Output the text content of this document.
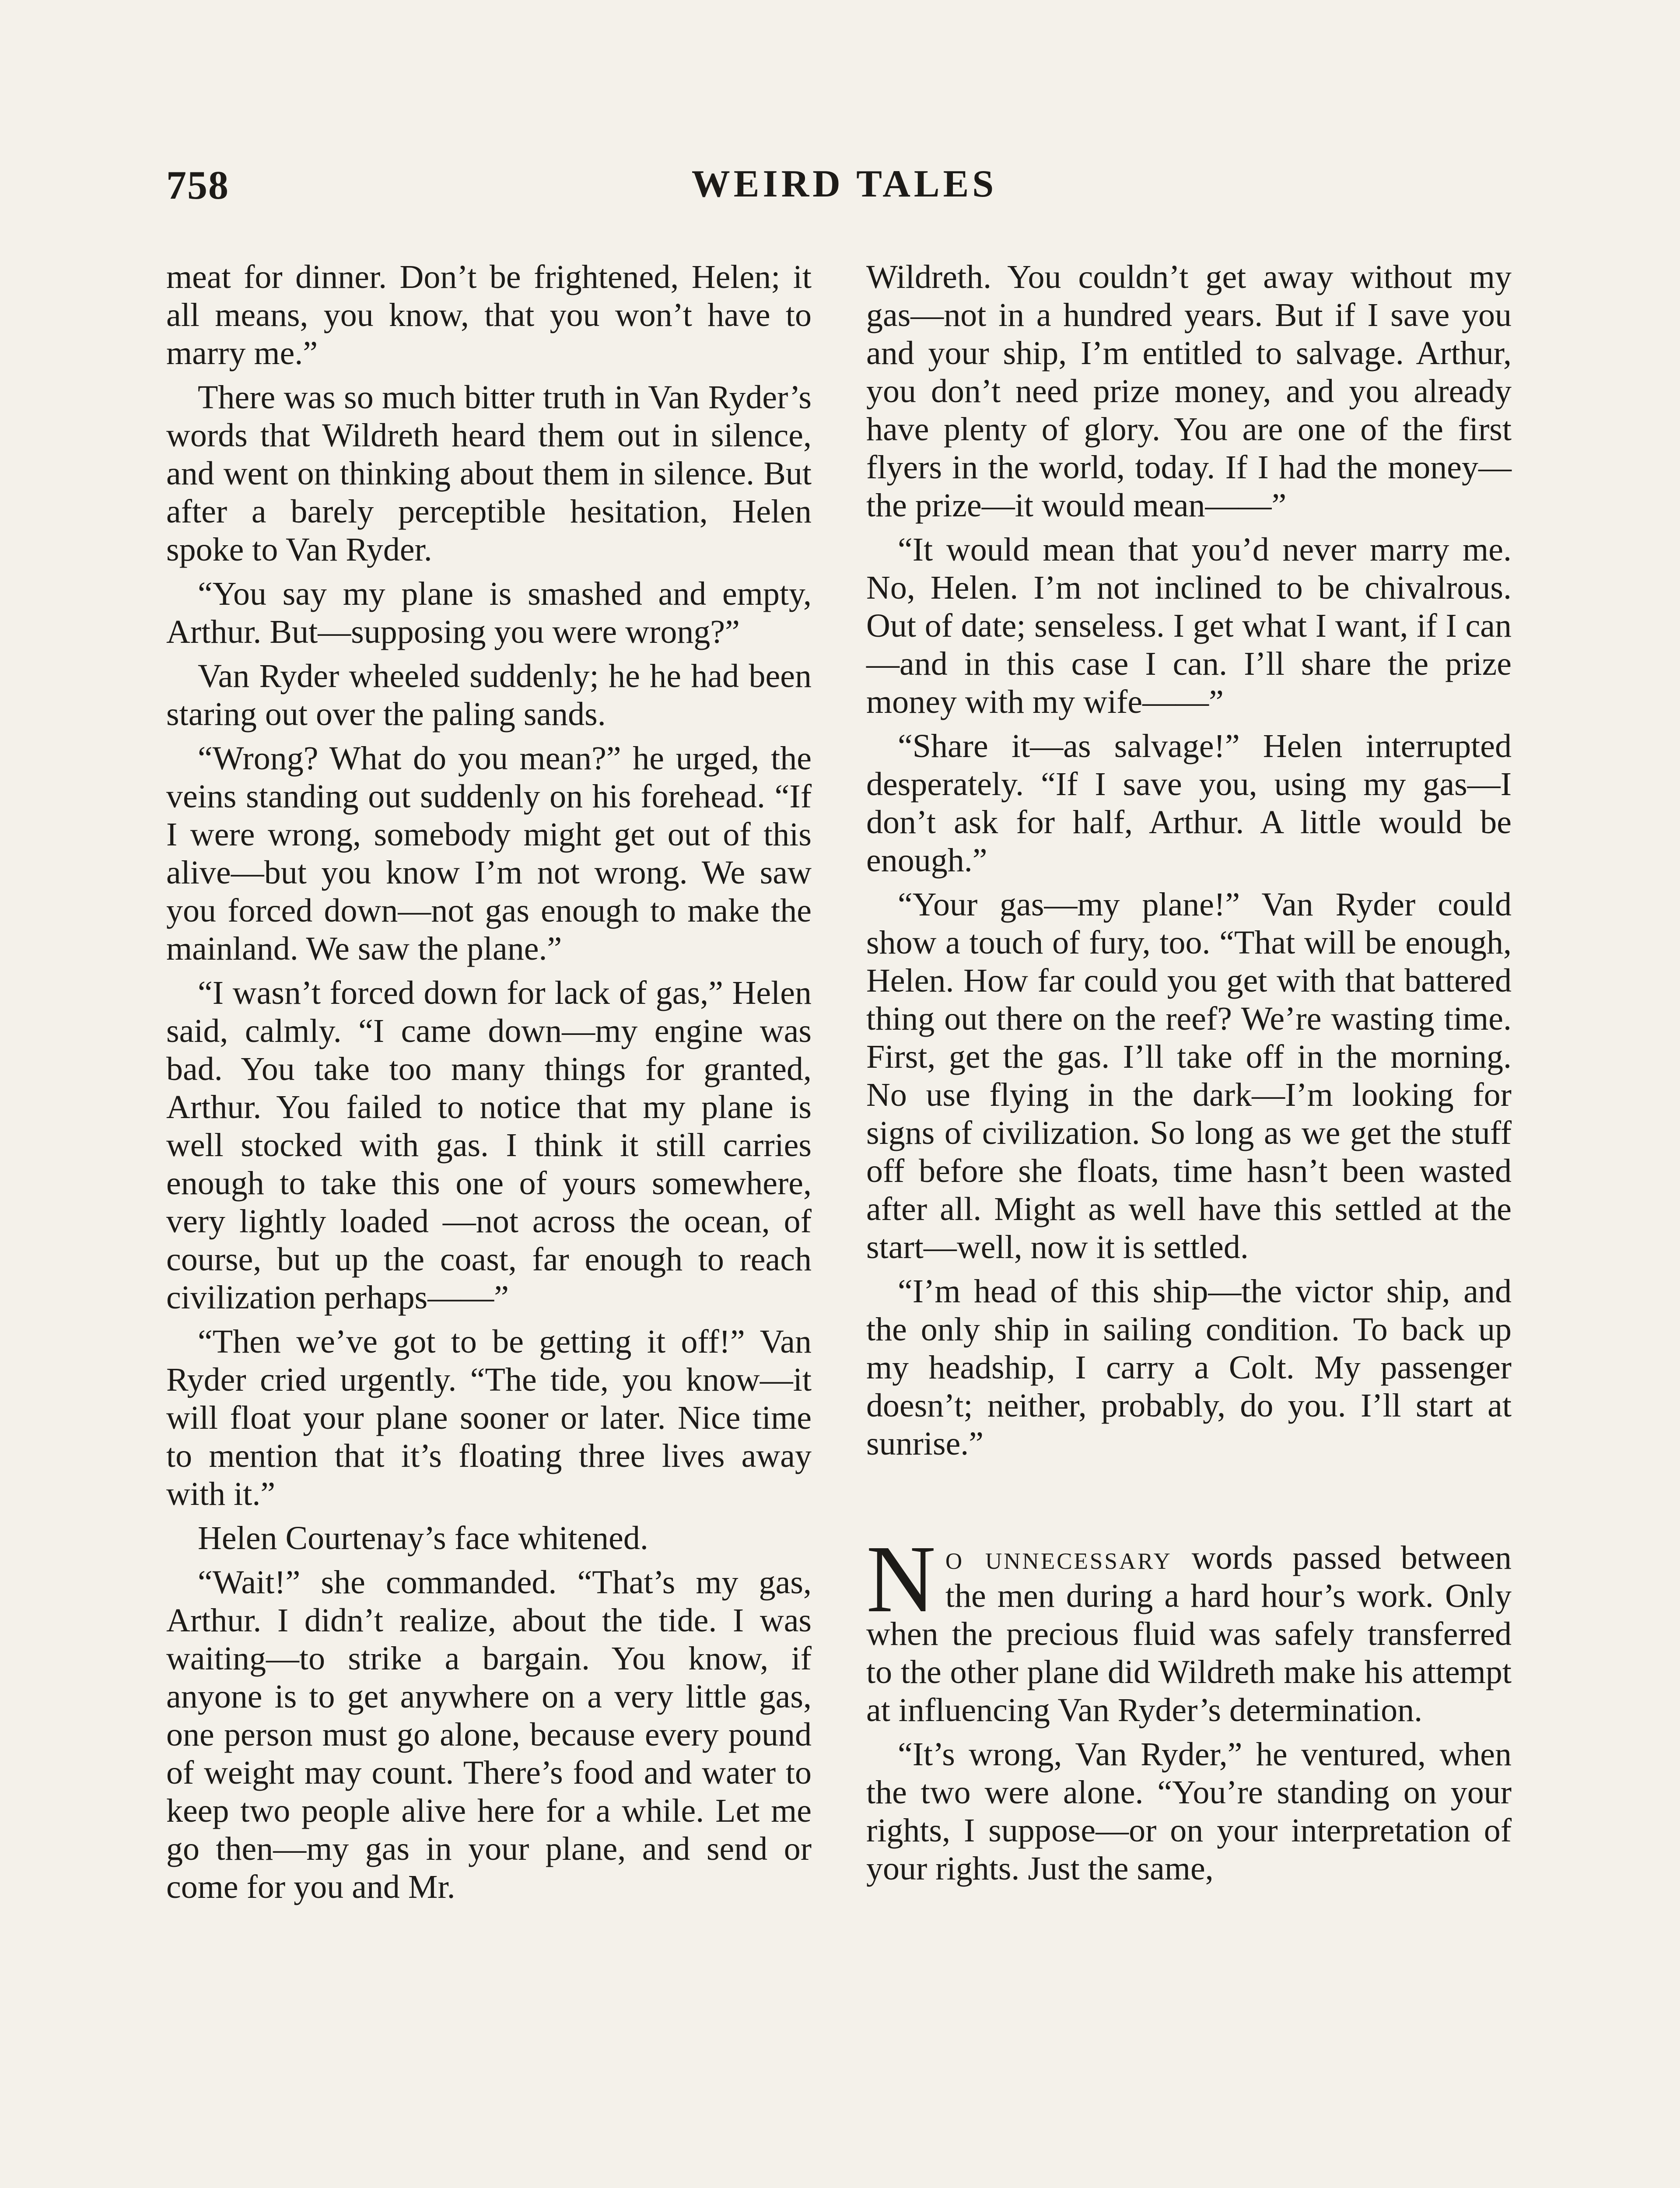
758	WEIRD TALES

meat for dinner. Don’t be frightened, Helen; it all means, you know, that you won’t have to marry me.”

There was so much bitter truth in Van Ryder’s words that Wildreth heard them out in silence, and went on thinking about them in silence. But after a barely perceptible hesitation, Helen spoke to Van Ryder.

“You say my plane is smashed and empty, Arthur. But—supposing you were wrong?”

Van Ryder wheeled suddenly; he he had been staring out over the paling sands.

“Wrong? What do you mean?” he urged, the veins standing out suddenly on his forehead. “If I were wrong, somebody might get out of this alive—but you know I’m not wrong. We saw you forced down—not gas enough to make the mainland. We saw the plane.”

“I wasn’t forced down for lack of gas,” Helen said, calmly. “I came down—my engine was bad. You take too many things for granted, Arthur. You failed to notice that my plane is well stocked with gas. I think it still carries enough to take this one of yours somewhere, very lightly loaded —not across the ocean, of course, but up the coast, far enough to reach civilization perhaps——”

“Then we’ve got to be getting it off!” Van Ryder cried urgently. “The tide, you know—it will float your plane sooner or later. Nice time to mention that it’s floating three lives away with it.”

Helen Courtenay’s face whitened.

“Wait!” she commanded. “That’s my gas, Arthur. I didn’t realize, about the tide. I was waiting—to strike a bargain. You know, if anyone is to get anywhere on a very little gas, one person must go alone, because every pound of weight may count. There’s food and water to keep two people alive here for a while. Let me go then—my gas in your plane, and send or come for you and Mr.

Wildreth. You couldn’t get away without my gas—not in a hundred years. But if I save you and your ship, I’m entitled to salvage. Arthur, you don’t need prize money, and you already have plenty of glory. You are one of the first flyers in the world, today. If I had the money— the prize—it would mean——”

“It would mean that you’d never marry me. No, Helen. I’m not inclined to be chivalrous. Out of date; senseless. I get what I want, if I can—and in this case I can. I’ll share the prize money with my wife——”

“Share it—as salvage!” Helen interrupted desperately. “If I save you, using my gas—I don’t ask for half, Arthur. A little would be enough.”

“Your gas—my plane!” Van Ryder could show a touch of fury, too. “That will be enough, Helen. How far could you get with that battered thing out there on the reef? We’re wasting time. First, get the gas. I’ll take off in the morning. No use flying in the dark—I’m looking for signs of civilization. So long as we get the stuff off before she floats, time hasn’t been wasted after all. Might as well have this settled at the start—well, now it is settled.

“I’m head of this ship—the victor ship, and the only ship in sailing condition. To back up my headship, I carry a Colt. My passenger doesn’t; neither, probably, do you. I’ll start at sunrise.”

No unnecessary words passed between the men during a hard hour’s work. Only when the precious fluid was safely transferred to the other plane did Wildreth make his attempt at influencing Van Ryder’s determination.

“It’s wrong, Van Ryder,” he ventured, when the two were alone. “You’re standing on your rights, I suppose—or on your interpretation of your rights. Just the same,
